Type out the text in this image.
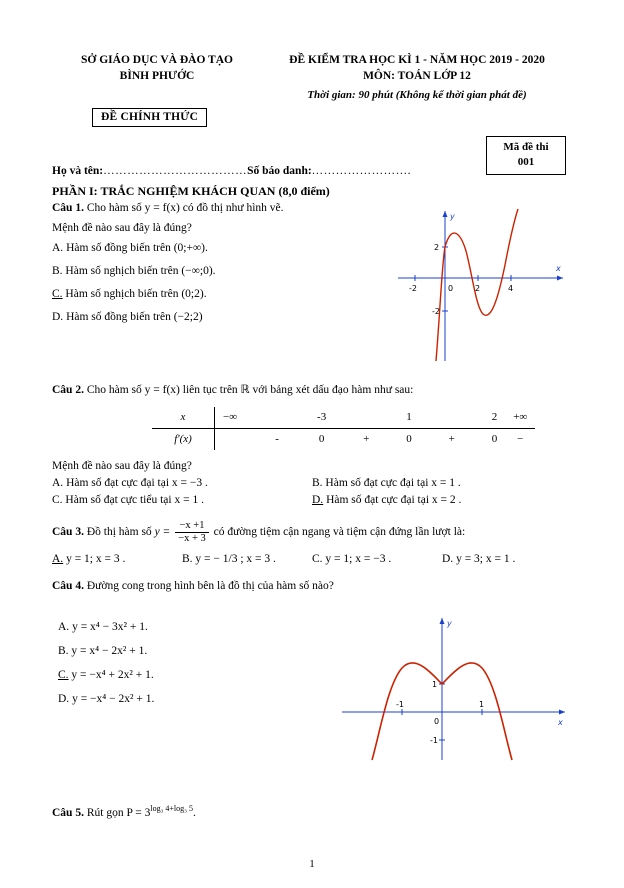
SỞ GIÁO DỤC VÀ ĐÀO TẠO
BÌNH PHƯỚC
ĐỀ KIỂM TRA HỌC KÌ 1 - NĂM HỌC 2019 - 2020
MÔN: TOÁN LỚP 12
Thời gian: 90 phút (Không kể thời gian phát đề)
ĐỀ CHÍNH THỨC
Mã đề thi
001
Họ và tên:………………………………Số báo danh:…………………….
PHẦN I: TRẮC NGHIỆM KHÁCH QUAN (8,0 điểm)
Câu 1. Cho hàm số y = f(x) có đồ thị như hình vẽ.
Mệnh đề nào sau đây là đúng?
A. Hàm số đồng biến trên (0;+∞).
B. Hàm số nghịch biến trên (−∞;0).
C. Hàm số nghịch biến trên (0;2).
D. Hàm số đồng biến trên (−2;2)
-2	0	2	4
2
-2
x
y
Câu 2. Cho hàm số y = f(x) liên tục trên ℝ với bảng xét dấu đạo hàm như sau:
x	−∞		-3		1		2	+∞
f'(x)		-	0	+	0	+	0	−
Mệnh đề nào sau đây là đúng?
A. Hàm số đạt cực đại tại x = −3 .	B. Hàm số đạt cực đại tại x = 1 .
C. Hàm số đạt cực tiểu tại x = 1 .	D. Hàm số đạt cực đại tại x = 2 .
Câu 3. Đồ thị hàm số $y = \frac{-x +1}{-x + 3}$ có đường tiệm cận ngang và tiệm cận đứng lần lượt là:
A. y = 1; x = 3 .	B. y = − 1/3 ; x = 3 .	C. y = 1; x = −3 .	D. y = 3; x = 1 .
Câu 4. Đường cong trong hình bên là đồ thị của hàm số nào?
A. y = x⁴ − 3x² + 1.
B. y = x⁴ − 2x² + 1.
C. y = −x⁴ + 2x² + 1.
D. y = −x⁴ − 2x² + 1.	-1
0
1
1
-1
x
y
Câu 5. Rút gọn $P = 3^{log_3 4+log_3 5}$.
1
